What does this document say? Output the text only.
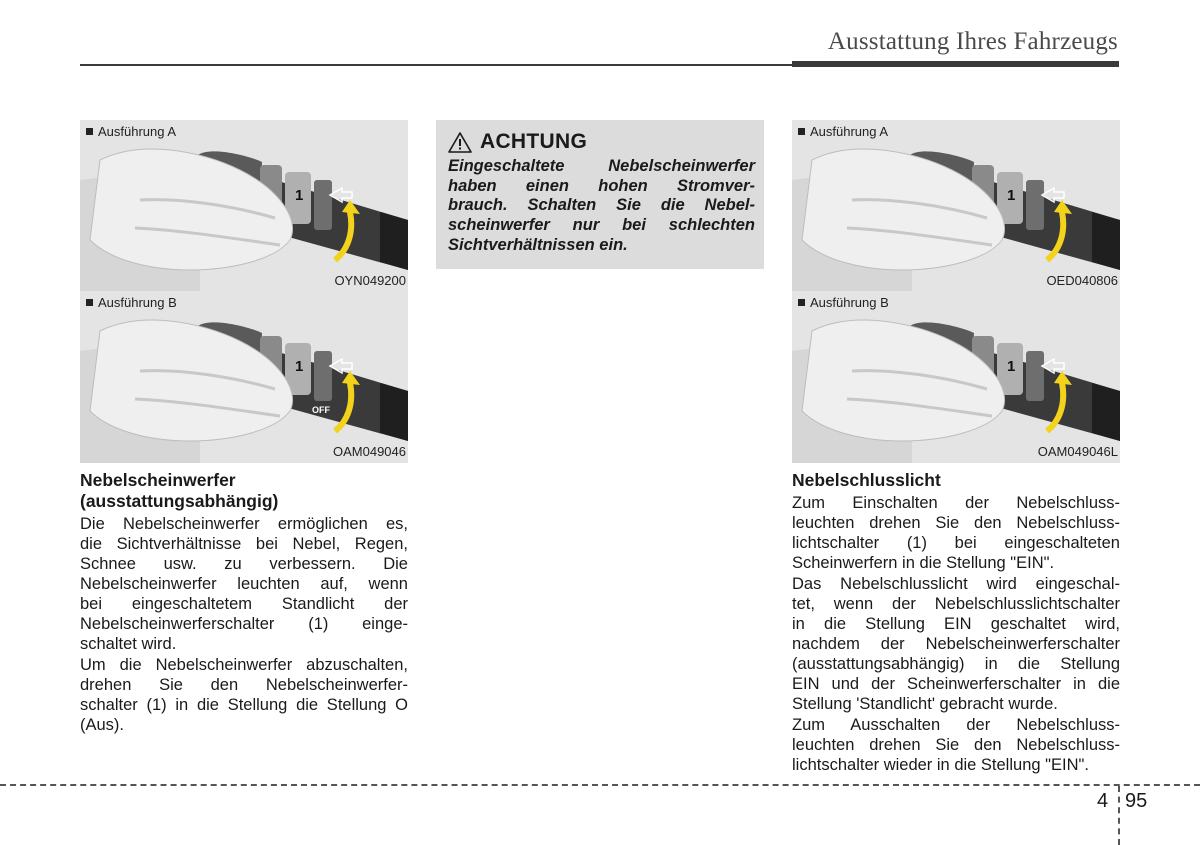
Ausstattung Ihres Fahrzeugs
1
Ausführung A
OYN049200
1
OFF
Ausführung B
OAM049046
1
Ausführung A
OED040806
1
Ausführung B
OAM049046L
ACHTUNG
Eingeschaltete Nebelscheinwerfer
haben einen hohen Stromver-
brauch. Schalten Sie die Nebel-
scheinwerfer nur bei schlechten
Sichtverhältnissen ein.
Nebelscheinwerfer
(ausstattungsabhängig)
Die Nebelscheinwerfer ermöglichen es,
die Sichtverhältnisse bei Nebel, Regen,
Schnee usw. zu verbessern. Die
Nebelscheinwerfer leuchten auf, wenn
bei eingeschaltetem Standlicht der
Nebelscheinwerferschalter (1) einge-
schaltet wird.
Um die Nebelscheinwerfer abzuschalten,
drehen Sie den Nebelscheinwerfer-
schalter (1) in die Stellung die Stellung O
(Aus).
Nebelschlusslicht
Zum Einschalten der Nebelschluss-
leuchten drehen Sie den Nebelschluss-
lichtschalter (1) bei eingeschalteten
Scheinwerfern in die Stellung "EIN".
Das Nebelschlusslicht wird eingeschal-
tet, wenn der Nebelschlusslichtschalter
in die Stellung EIN geschaltet wird,
nachdem der Nebelscheinwerferschalter
(ausstattungsabhängig) in die Stellung
EIN und der Scheinwerferschalter in die
Stellung 'Standlicht' gebracht wurde.
Zum Ausschalten der Nebelschluss-
leuchten drehen Sie den Nebelschluss-
lichtschalter wieder in die Stellung "EIN".
4 95
